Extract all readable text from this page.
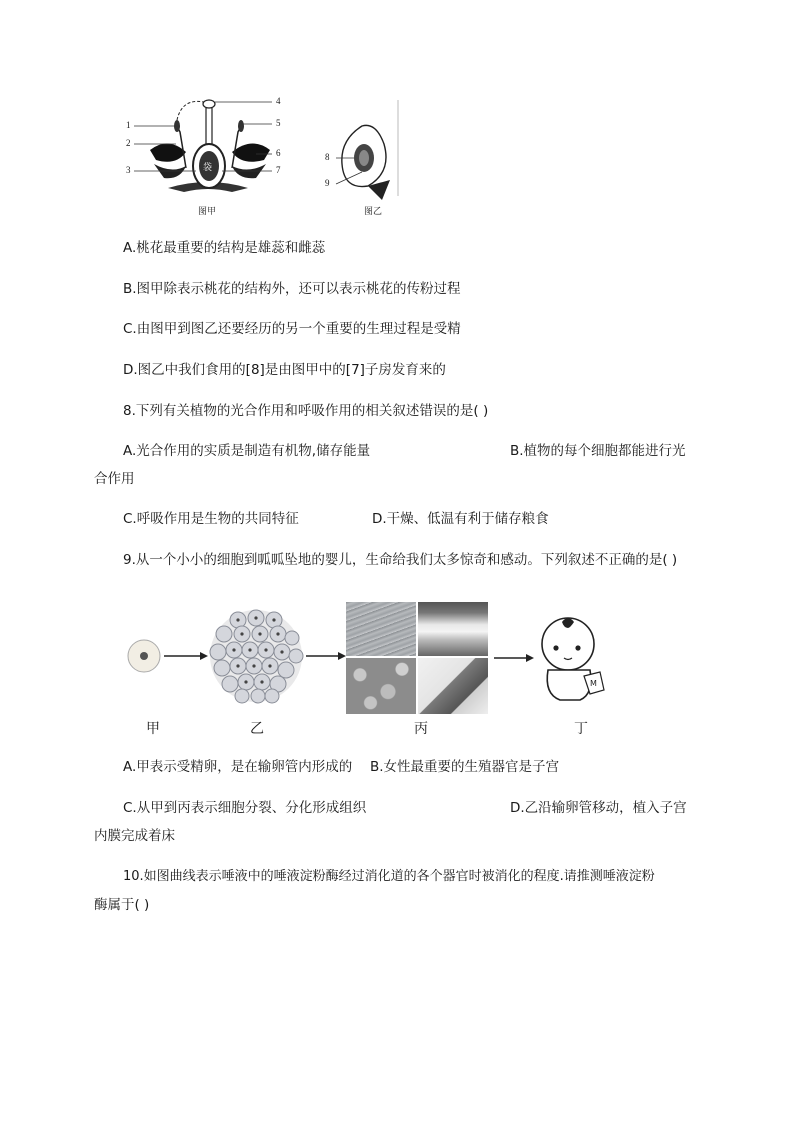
袋
1
2
3
4
5
6
7
图甲
8
9
图乙
A.桃花最重要的结构是雄蕊和雌蕊
B.图甲除表示桃花的结构外，还可以表示桃花的传粉过程
C.由图甲到图乙还要经历的另一个重要的生理过程是受精
D.图乙中我们食用的[8]是由图甲中的[7]子房发育来的
8.下列有关植物的光合作用和呼吸作用的相关叙述错误的是( )
A.光合作用的实质是制造有机物,储存能量	B.植物的每个细胞都能进行光
合作用
C.呼吸作用是生物的共同特征	D.干燥、低温有利于储存粮食
9.从一个小小的细胞到呱呱坠地的婴儿，生命给我们太多惊奇和感动。下列叙述不正确的是( )
M
甲	乙	丙	丁
A.甲表示受精卵，是在输卵管内形成的 B.女性最重要的生殖器官是子宫
C.从甲到丙表示细胞分裂、分化形成组织	D.乙沿输卵管移动，植入子宫
内膜完成着床
10.如图曲线表示唾液中的唾液淀粉酶经过消化道的各个器官时被消化的程度.请推测唾液淀粉
酶属于( )
